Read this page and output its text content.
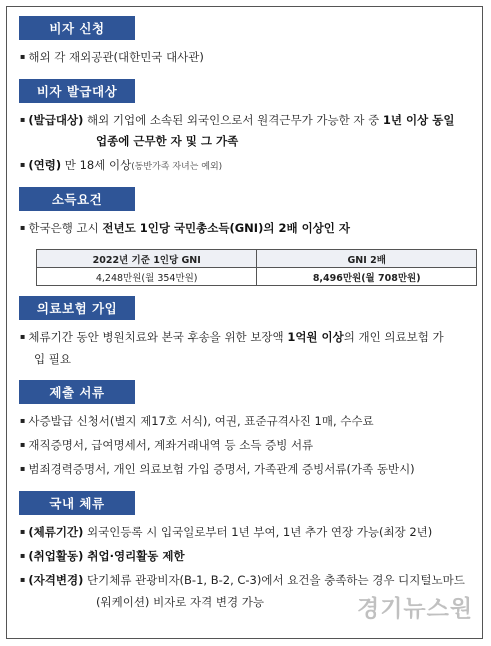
비자 신청
▪ 해외 각 재외공관(대한민국 대사관)
비자 발급대상
▪ (발급대상) 해외 기업에 소속된 외국인으로서 원격근무가 가능한 자 중 1년 이상 동일
업종에 근무한 자 및 그 가족
▪ (연령) 만 18세 이상(동반가족 자녀는 예외)
소득요건
▪ 한국은행 고시 전년도 1인당 국민총소득(GNI)의 2배 이상인 자
2022년 기준 1인당 GNI	GNI 2배
4,248만원(월 354만원)	8,496만원(월 708만원)
의료보험 가입
▪ 체류기간 동안 병원치료와 본국 후송을 위한 보장액 1억원 이상의 개인 의료보험 가
입 필요
제출 서류
▪ 사증발급 신청서(별지 제17호 서식), 여권, 표준규격사진 1매, 수수료
▪ 재직증명서, 급여명세서, 계좌거래내역 등 소득 증빙 서류
▪ 범죄경력증명서, 개인 의료보험 가입 증명서, 가족관계 증빙서류(가족 동반시)
국내 체류
▪ (체류기간) 외국인등록 시 입국일로부터 1년 부여, 1년 추가 연장 가능(최장 2년)
▪ (취업활동) 취업·영리활동 제한
▪ (자격변경) 단기체류 관광비자(B-1, B-2, C-3)에서 요건을 충족하는 경우 디지털노마드
(워케이션) 비자로 자격 변경 가능	경기뉴스원
